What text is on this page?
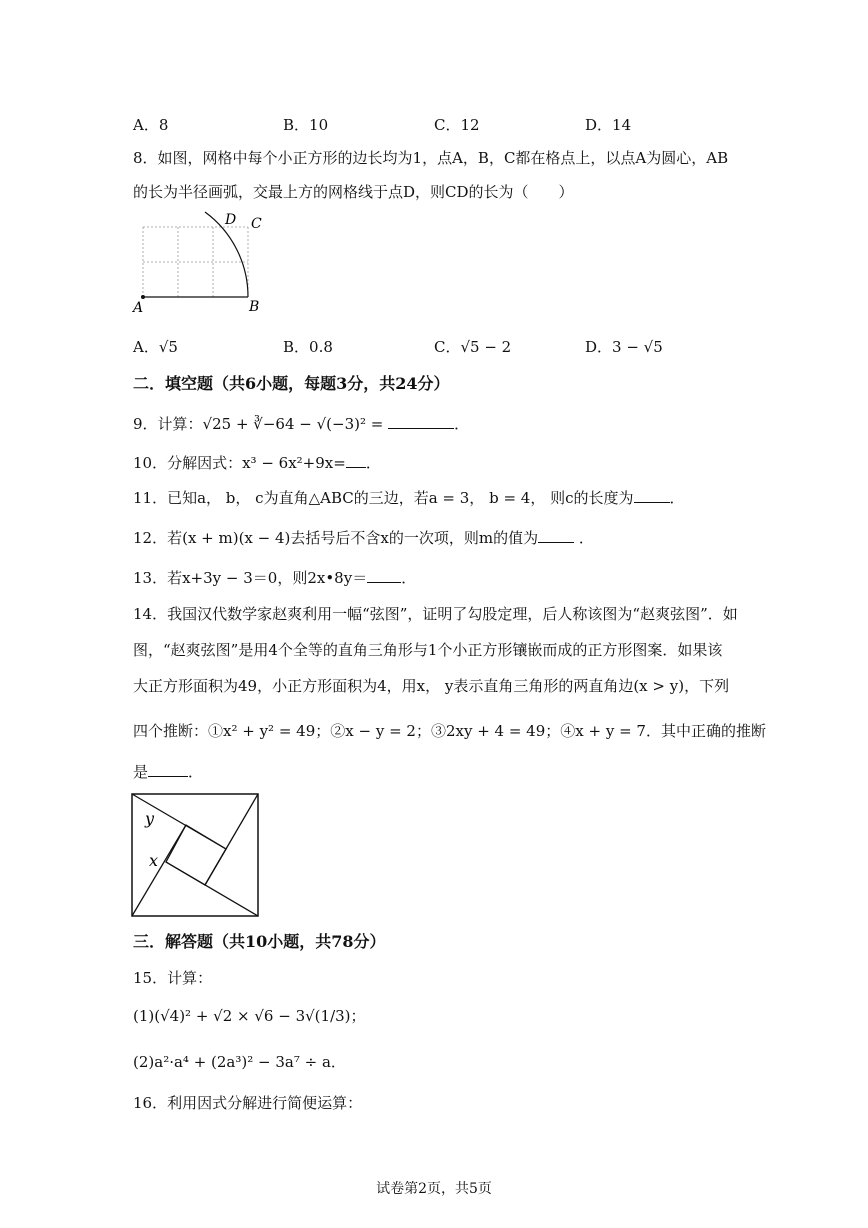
A．8	B．10	C．12	D．14
8．如图，网格中每个小正方形的边长均为1，点A，B，C都在格点上，以点A为圆心，AB
的长为半径画弧，交最上方的网格线于点D，则CD的长为（　　）
A	B
C
D
A．√5	B．0.8	C．√5 − 2	D．3 − √5
二．填空题（共6小题，每题3分，共24分）
9．计算：√25 + ∛−64 − √(−3)² =	．
10．分解因式：x³ − 6x²+9x= ．
11．已知a， b， c为直角△ABC的三边，若a = 3， b = 4， 则c的长度为 ．
12．若(x + m)(x − 4)去括号后不含x的一次项，则m的值为	．
13．若x+3y − 3＝0，则2x•8y＝ ．
14．我国汉代数学家赵爽利用一幅“弦图”，证明了勾股定理，后人称该图为“赵爽弦图”．如
图，“赵爽弦图”是用4个全等的直角三角形与1个小正方形镶嵌而成的正方形图案．如果该
大正方形面积为49，小正方形面积为4，用x， y表示直角三角形的两直角边(x > y)，下列
四个推断：①x² + y² = 49；②x − y = 2；③2xy + 4 = 49；④x + y = 7．其中正确的推断
是	．
y
x
三．解答题（共10小题，共78分）
15．计算：
(1)(√4)² + √2 × √6 − 3√(1/3)；
(2)a²·a⁴ + (2a³)² − 3a⁷ ÷ a．
16．利用因式分解进行简便运算：
试卷第2页，共5页
